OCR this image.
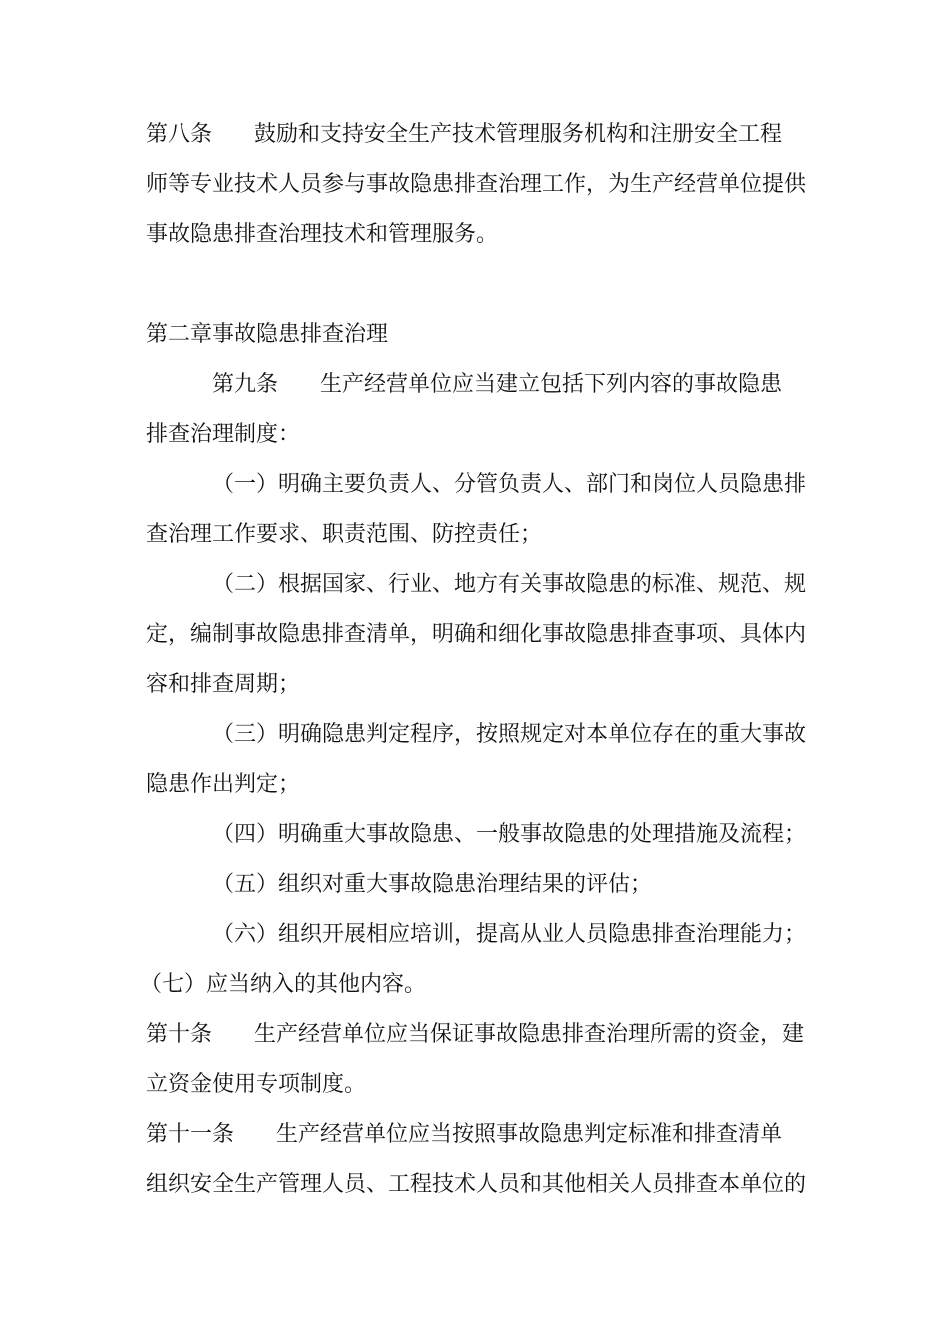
第八条 鼓励和支持安全生产技术管理服务机构和注册安全工程
师等专业技术人员参与事故隐患排查治理工作，为生产经营单位提供
事故隐患排查治理技术和管理服务。
第二章事故隐患排查治理
第九条 生产经营单位应当建立包括下列内容的事故隐患
排查治理制度：
（一）明确主要负责人、分管负责人、部门和岗位人员隐患排
查治理工作要求、职责范围、防控责任；
（二）根据国家、行业、地方有关事故隐患的标准、规范、规
定，编制事故隐患排查清单，明确和细化事故隐患排查事项、具体内
容和排查周期；
（三）明确隐患判定程序，按照规定对本单位存在的重大事故
隐患作出判定；
（四）明确重大事故隐患、一般事故隐患的处理措施及流程；
（五）组织对重大事故隐患治理结果的评估；
（六）组织开展相应培训，提高从业人员隐患排查治理能力；
（七）应当纳入的其他内容。
第十条 生产经营单位应当保证事故隐患排查治理所需的资金，建
立资金使用专项制度。
第十一条 生产经营单位应当按照事故隐患判定标准和排查清单
组织安全生产管理人员、工程技术人员和其他相关人员排查本单位的
